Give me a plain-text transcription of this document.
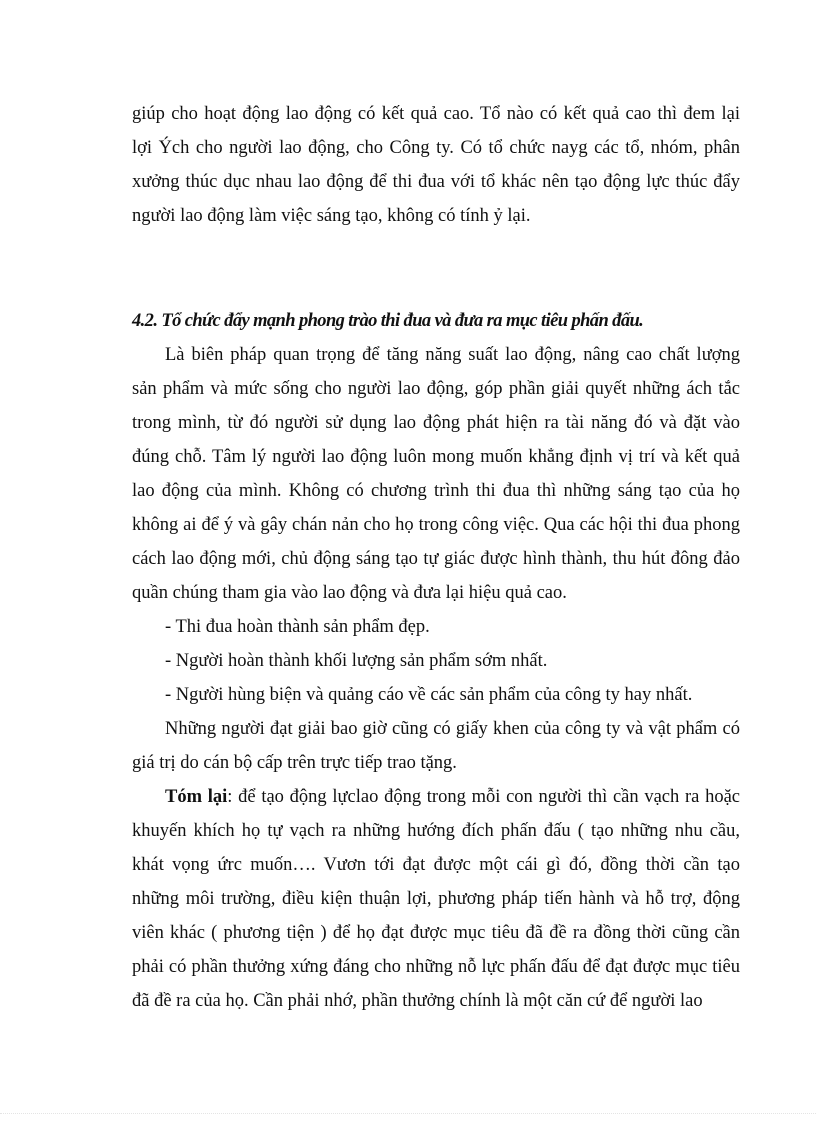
giúp cho hoạt động lao động có kết quả cao. Tổ nào có kết quả cao thì đem lại
lợi Ých cho người lao động, cho Công ty. Có tổ chức nayg các tổ, nhóm, phân
xưởng thúc dục nhau lao động để thi đua với tổ khác nên tạo động lực thúc đẩy
người lao động làm việc sáng tạo, không có tính ỷ lại.
4.2. Tổ chức đẩy mạnh phong trào thi đua và đưa ra mục tiêu phấn đấu.
Là biên pháp quan trọng để tăng năng suất lao động, nâng cao chất lượng
sản phẩm và mức sống cho người lao động, góp phần giải quyết những ách tắc
trong mình, từ đó người sử dụng lao động phát hiện ra tài năng đó và đặt vào
đúng chỗ. Tâm lý người lao động luôn mong muốn khẳng định vị trí và kết quả
lao động của mình. Không có chương trình thi đua thì những sáng tạo của họ
không ai để ý và gây chán nản cho họ trong công việc. Qua các hội thi đua phong
cách lao động mới, chủ động sáng tạo tự giác được hình thành, thu hút đông đảo
quần chúng tham gia vào lao động và đưa lại hiệu quả cao.
- Thi đua hoàn thành sản phẩm đẹp.
- Người hoàn thành khối lượng sản phẩm sớm nhất.
- Người hùng biện và quảng cáo về các sản phẩm của công ty hay nhất.
Những người đạt giải bao giờ cũng có giấy khen của công ty và vật phẩm có
giá trị do cán bộ cấp trên trực tiếp trao tặng.
Tóm lại: để tạo động lựclao động trong mỗi con người thì cần vạch ra hoặc
khuyến khích họ tự vạch ra những hướng đích phấn đấu ( tạo những nhu cầu,
khát vọng ứrc muốn…. Vươn tới đạt được một cái gì đó, đồng thời cần tạo
những môi trường, điều kiện thuận lợi, phương pháp tiến hành và hỗ trợ, động
viên khác ( phương tiện ) để họ đạt được mục tiêu đã đề ra đồng thời cũng cần
phải có phần thưởng xứng đáng cho những nỗ lực phấn đấu để đạt được mục tiêu
đã đề ra của họ. Cần phải nhớ, phần thưởng chính là một căn cứ để người lao
